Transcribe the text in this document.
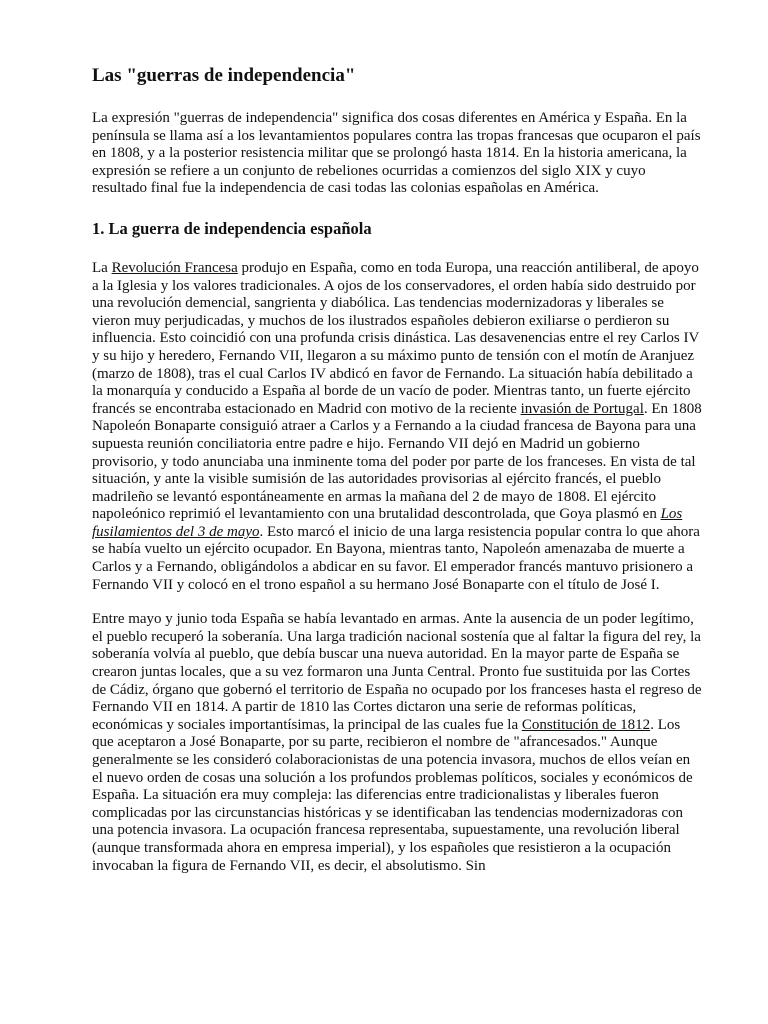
Las "guerras de independencia"

La expresión "guerras de independencia" significa dos cosas diferentes en América y España. En la península se llama así a los levantamientos populares contra las tropas francesas que ocuparon el país en 1808, y a la posterior resistencia militar que se prolongó hasta 1814. En la historia americana, la expresión se refiere a un conjunto de rebeliones ocurridas a comienzos del siglo XIX y cuyo resultado final fue la independencia de casi todas las colonias españolas en América.

1. La guerra de independencia española

La Revolución Francesa produjo en España, como en toda Europa, una reacción antiliberal, de apoyo a la Iglesia y los valores tradicionales. A ojos de los conservadores, el orden había sido destruido por una revolución demencial, sangrienta y diabólica. Las tendencias modernizadoras y liberales se vieron muy perjudicadas, y muchos de los ilustrados españoles debieron exiliarse o perdieron su influencia. Esto coincidió con una profunda crisis dinástica. Las desavenencias entre el rey Carlos IV y su hijo y heredero, Fernando VII, llegaron a su máximo punto de tensión con el motín de Aranjuez (marzo de 1808), tras el cual Carlos IV abdicó en favor de Fernando. La situación había debilitado a la monarquía y conducido a España al borde de un vacío de poder. Mientras tanto, un fuerte ejército francés se encontraba estacionado en Madrid con motivo de la reciente invasión de Portugal. En 1808 Napoleón Bonaparte consiguió atraer a Carlos y a Fernando a la ciudad francesa de Bayona para una supuesta reunión conciliatoria entre padre e hijo. Fernando VII dejó en Madrid un gobierno provisorio, y todo anunciaba una inminente toma del poder por parte de los franceses. En vista de tal situación, y ante la visible sumisión de las autoridades provisorias al ejército francés, el pueblo madrileño se levantó espontáneamente en armas la mañana del 2 de mayo de 1808. El ejército napoleónico reprimió el levantamiento con una brutalidad descontrolada, que Goya plasmó en Los fusilamientos del 3 de mayo. Esto marcó el inicio de una larga resistencia popular contra lo que ahora se había vuelto un ejército ocupador. En Bayona, mientras tanto, Napoleón amenazaba de muerte a Carlos y a Fernando, obligándolos a abdicar en su favor. El emperador francés mantuvo prisionero a Fernando VII y colocó en el trono español a su hermano José Bonaparte con el título de José I.

Entre mayo y junio toda España se había levantado en armas. Ante la ausencia de un poder legítimo, el pueblo recuperó la soberanía. Una larga tradición nacional sostenía que al faltar la figura del rey, la soberanía volvía al pueblo, que debía buscar una nueva autoridad. En la mayor parte de España se crearon juntas locales, que a su vez formaron una Junta Central. Pronto fue sustituida por las Cortes de Cádiz, órgano que gobernó el territorio de España no ocupado por los franceses hasta el regreso de Fernando VII en 1814. A partir de 1810 las Cortes dictaron una serie de reformas políticas, económicas y sociales importantísimas, la principal de las cuales fue la Constitución de 1812. Los que aceptaron a José Bonaparte, por su parte, recibieron el nombre de "afrancesados." Aunque generalmente se les consideró colaboracionistas de una potencia invasora, muchos de ellos veían en el nuevo orden de cosas una solución a los profundos problemas políticos, sociales y económicos de España. La situación era muy compleja: las diferencias entre tradicionalistas y liberales fueron complicadas por las circunstancias históricas y se identificaban las tendencias modernizadoras con una potencia invasora. La ocupación francesa representaba, supuestamente, una revolución liberal (aunque transformada ahora en empresa imperial), y los españoles que resistieron a la ocupación invocaban la figura de Fernando VII, es decir, el absolutismo. Sin
